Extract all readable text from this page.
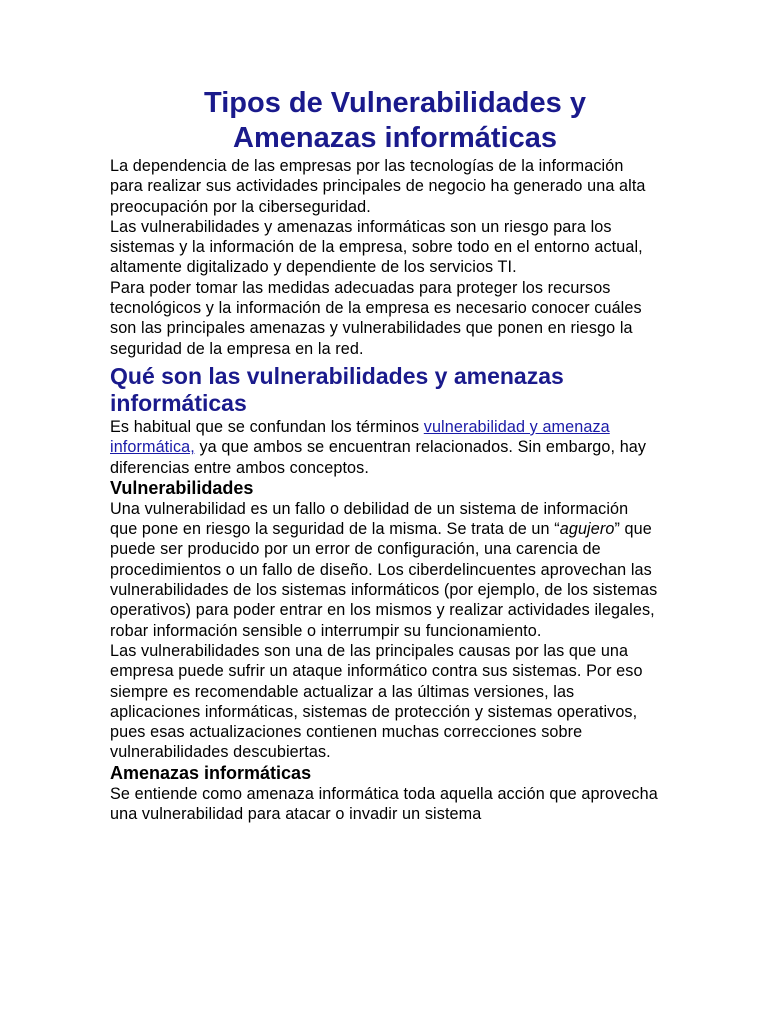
Tipos de Vulnerabilidades y Amenazas informáticas

La dependencia de las empresas por las tecnologías de la información para realizar sus actividades principales de negocio ha generado una alta preocupación por la ciberseguridad.

Las vulnerabilidades y amenazas informáticas son un riesgo para los sistemas y la información de la empresa, sobre todo en el entorno actual, altamente digitalizado y dependiente de los servicios TI.

Para poder tomar las medidas adecuadas para proteger los recursos tecnológicos y la información de la empresa es necesario conocer cuáles son las principales amenazas y vulnerabilidades que ponen en riesgo la seguridad de la empresa en la red.

Qué son las vulnerabilidades y amenazas informáticas

Es habitual que se confundan los términos vulnerabilidad y amenaza informática, ya que ambos se encuentran relacionados. Sin embargo, hay diferencias entre ambos conceptos.

Vulnerabilidades

Una vulnerabilidad es un fallo o debilidad de un sistema de información que pone en riesgo la seguridad de la misma. Se trata de un “agujero” que puede ser producido por un error de configuración, una carencia de procedimientos o un fallo de diseño. Los ciberdelincuentes aprovechan las vulnerabilidades de los sistemas informáticos (por ejemplo, de los sistemas operativos) para poder entrar en los mismos y realizar actividades ilegales, robar información sensible o interrumpir su funcionamiento.

Las vulnerabilidades son una de las principales causas por las que una empresa puede sufrir un ataque informático contra sus sistemas. Por eso siempre es recomendable actualizar a las últimas versiones, las aplicaciones informáticas, sistemas de protección y sistemas operativos, pues esas actualizaciones contienen muchas correcciones sobre vulnerabilidades descubiertas.

Amenazas informáticas

Se entiende como amenaza informática toda aquella acción que aprovecha una vulnerabilidad para atacar o invadir un sistema
